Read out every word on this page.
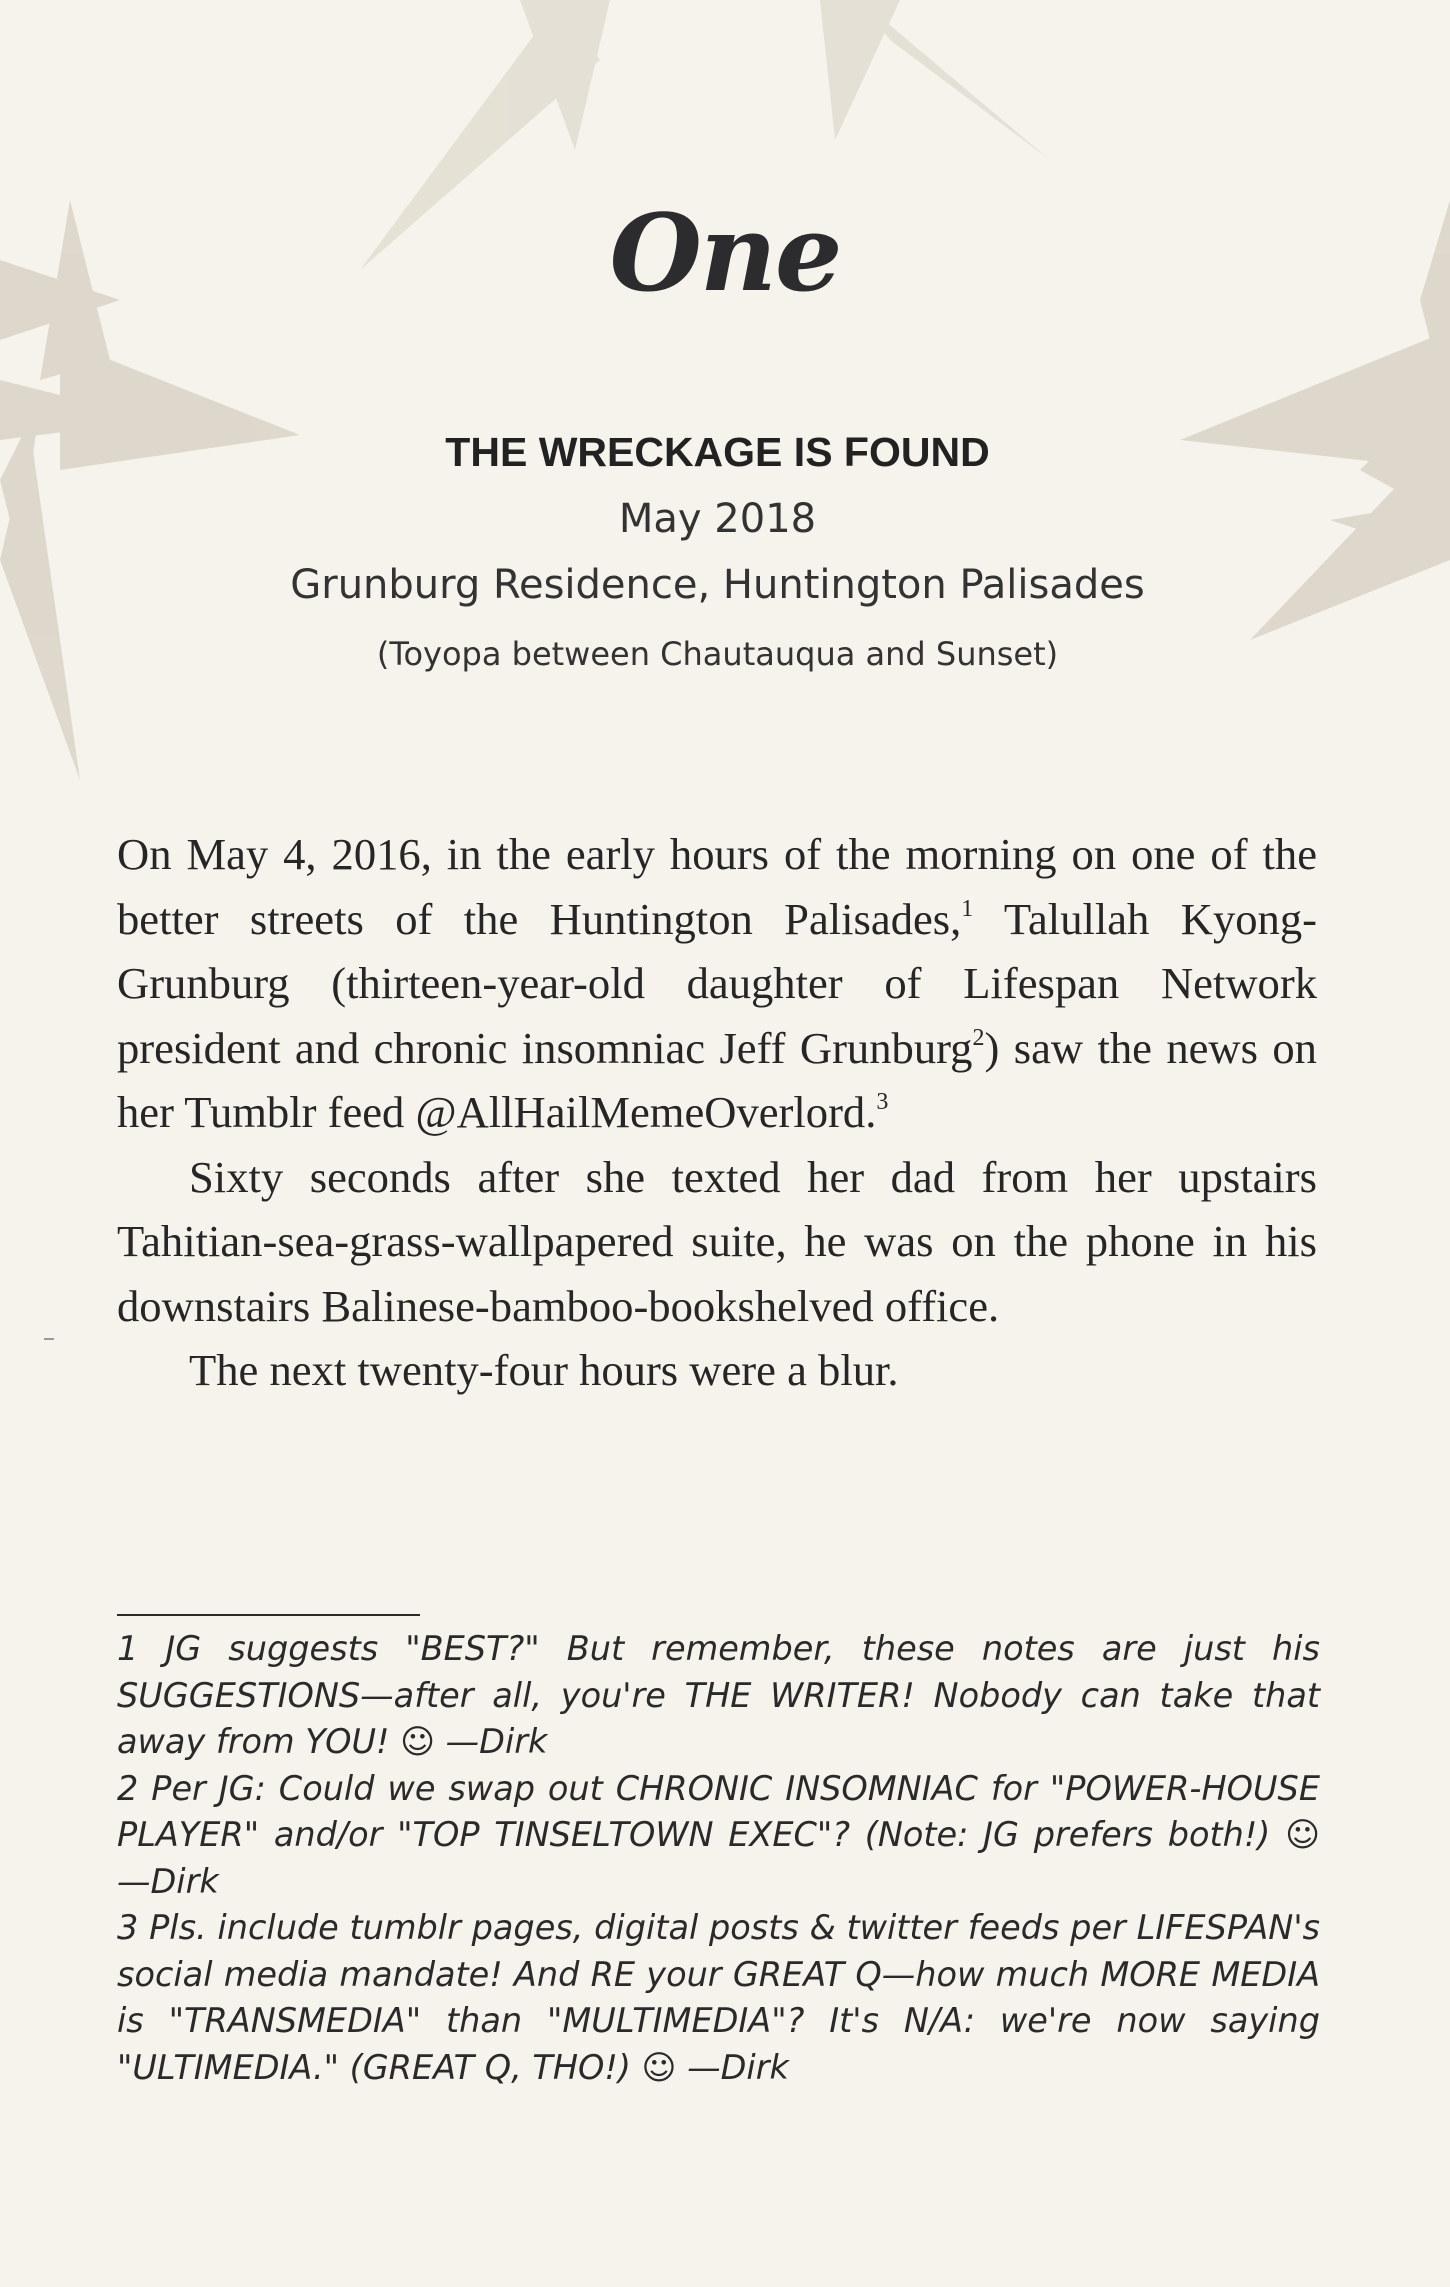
One
THE WRECKAGE IS FOUND
May 2018
Grunburg Residence, Huntington Palisades
(Toyopa between Chautauqua and Sunset)

On May 4, 2016, in the early hours of the morning on one of the better streets of the Huntington Palisades,$^1$ Talullah Kyong-Grunburg (thirteen-year-old daughter of Lifespan Network president and chronic insomniac Jeff Grunburg$^2$) saw the news on her Tumblr feed @AllHailMemeOverlord.$^3$

Sixty seconds after she texted her dad from her upstairs Tahitian-sea-grass-wallpapered suite, he was on the phone in his downstairs Balinese-bamboo-bookshelved office.

The next twenty-four hours were a blur.

1 JG suggests "BEST?" But remember, these notes are just his SUGGESTIONS—after all, you're THE WRITER! Nobody can take that away from YOU! ☺ —Dirk

2 Per JG: Could we swap out CHRONIC INSOMNIAC for "POWER-HOUSE PLAYER" and/or "TOP TINSELTOWN EXEC"? (Note: JG prefers both!) ☺ —Dirk

3 Pls. include tumblr pages, digital posts & twitter feeds per LIFESPAN's social media mandate! And RE your GREAT Q—how much MORE MEDIA is "TRANSMEDIA" than "MULTIMEDIA"? It's N/A: we're now saying "ULTIMEDIA." (GREAT Q, THO!) ☺ —Dirk
